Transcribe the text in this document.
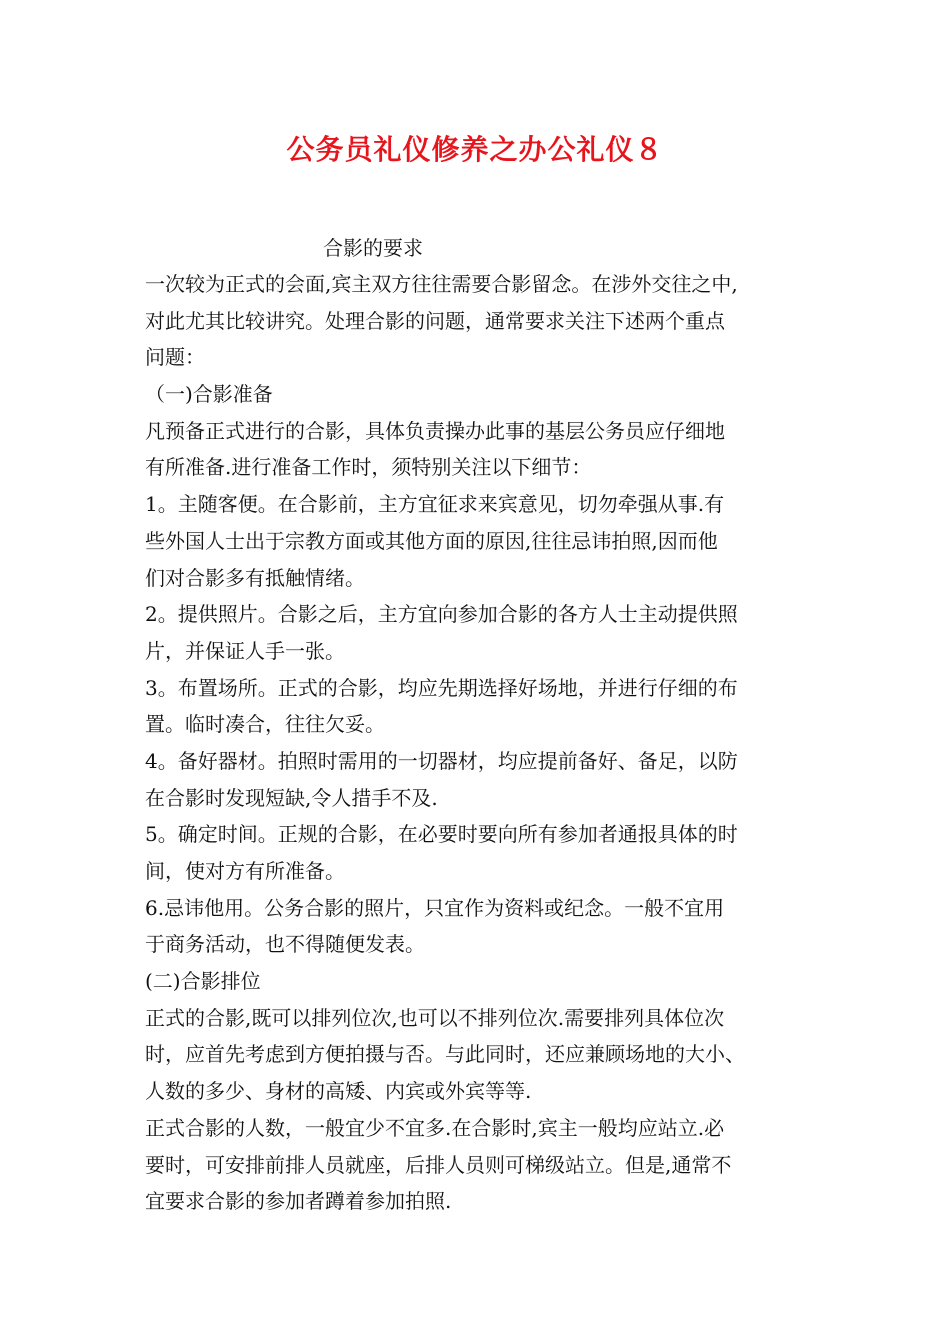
公务员礼仪修养之办公礼仪８
合影的要求
一次较为正式的会面,宾主双方往往需要合影留念。在涉外交往之中,
对此尤其比较讲究。处理合影的问题，通常要求关注下述两个重点
问题：
（一)合影准备
凡预备正式进行的合影，具体负责操办此事的基层公务员应仔细地
有所准备.进行准备工作时，须特别关注以下细节：
1。主随客便。在合影前，主方宜征求来宾意见，切勿牵强从事.有
些外国人士出于宗教方面或其他方面的原因,往往忌讳拍照,因而他
们对合影多有抵触情绪。
2。提供照片。合影之后，主方宜向参加合影的各方人士主动提供照
片，并保证人手一张。
3。布置场所。正式的合影，均应先期选择好场地，并进行仔细的布
置。临时凑合，往往欠妥。
4。备好器材。拍照时需用的一切器材，均应提前备好、备足，以防
在合影时发现短缺,令人措手不及.
5。确定时间。正规的合影，在必要时要向所有参加者通报具体的时
间，使对方有所准备。
6.忌讳他用。公务合影的照片，只宜作为资料或纪念。一般不宜用
于商务活动，也不得随便发表。
(二)合影排位
正式的合影,既可以排列位次,也可以不排列位次.需要排列具体位次
时，应首先考虑到方便拍摄与否。与此同时，还应兼顾场地的大小、
人数的多少、身材的高矮、内宾或外宾等等.
正式合影的人数，一般宜少不宜多.在合影时,宾主一般均应站立.必
要时，可安排前排人员就座，后排人员则可梯级站立。但是,通常不
宜要求合影的参加者蹲着参加拍照.
